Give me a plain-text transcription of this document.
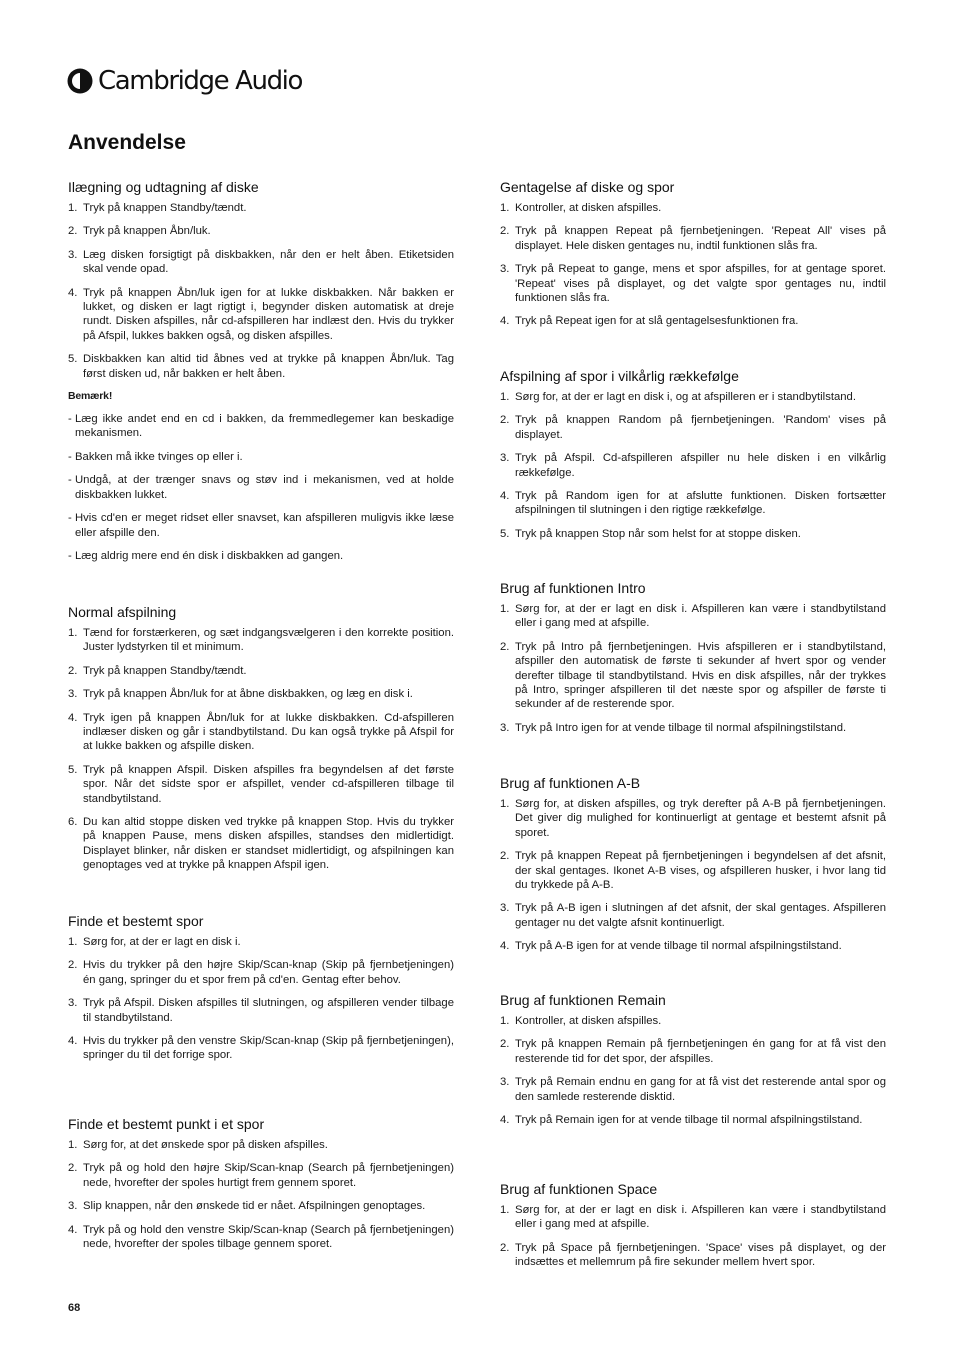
Cambridge Audio
Anvendelse
Ilægning og udtagning af diske
1. Tryk på knappen Standby/tændt.
2. Tryk på knappen Åbn/luk.
3. Læg disken forsigtigt på diskbakken, når den er helt åben. Etiketsiden skal vende opad.
4. Tryk på knappen Åbn/luk igen for at lukke diskbakken. Når bakken er lukket, og disken er lagt rigtigt i, begynder disken automatisk at dreje rundt. Disken afspilles, når cd-afspilleren har indlæst den. Hvis du trykker på Afspil, lukkes bakken også, og disken afspilles.
5. Diskbakken kan altid tid åbnes ved at trykke på knappen Åbn/luk. Tag først disken ud, når bakken er helt åben.
Bemærk!
- Læg ikke andet end en cd i bakken, da fremmedlegemer kan beskadige mekanismen.
- Bakken må ikke tvinges op eller i.
- Undgå, at der trænger snavs og støv ind i mekanismen, ved at holde diskbakken lukket.
- Hvis cd'en er meget ridset eller snavset, kan afspilleren muligvis ikke læse eller afspille den.
- Læg aldrig mere end én disk i diskbakken ad gangen.
Normal afspilning
1. Tænd for forstærkeren, og sæt indgangsvælgeren i den korrekte position. Juster lydstyrken til et minimum.
2. Tryk på knappen Standby/tændt.
3. Tryk på knappen Åbn/luk for at åbne diskbakken, og læg en disk i.
4. Tryk igen på knappen Åbn/luk for at lukke diskbakken. Cd-afspilleren indlæser disken og går i standbytilstand. Du kan også trykke på Afspil for at lukke bakken og afspille disken.
5. Tryk på knappen Afspil. Disken afspilles fra begyndelsen af det første spor. Når det sidste spor er afspillet, vender cd-afspilleren tilbage til standbytilstand.
6. Du kan altid stoppe disken ved trykke på knappen Stop. Hvis du trykker på knappen Pause, mens disken afspilles, standses den midlertidigt. Displayet blinker, når disken er standset midlertidigt, og afspilningen kan genoptages ved at trykke på knappen Afspil igen.
Finde et bestemt spor
1. Sørg for, at der er lagt en disk i.
2. Hvis du trykker på den højre Skip/Scan-knap (Skip på fjernbetjeningen) én gang, springer du et spor frem på cd'en. Gentag efter behov.
3. Tryk på Afspil. Disken afspilles til slutningen, og afspilleren vender tilbage til standbytilstand.
4. Hvis du trykker på den venstre Skip/Scan-knap (Skip på fjernbetjeningen), springer du til det forrige spor.
Finde et bestemt punkt i et spor
1. Sørg for, at det ønskede spor på disken afspilles.
2. Tryk på og hold den højre Skip/Scan-knap (Search på fjernbetjeningen) nede, hvorefter der spoles hurtigt frem gennem sporet.
3. Slip knappen, når den ønskede tid er nået. Afspilningen genoptages.
4. Tryk på og hold den venstre Skip/Scan-knap (Search på fjernbetjeningen) nede, hvorefter der spoles tilbage gennem sporet.
Gentagelse af diske og spor
1. Kontroller, at disken afspilles.
2. Tryk på knappen Repeat på fjernbetjeningen. 'Repeat All' vises på displayet. Hele disken gentages nu, indtil funktionen slås fra.
3. Tryk på Repeat to gange, mens et spor afspilles, for at gentage sporet. 'Repeat' vises på displayet, og det valgte spor gentages nu, indtil funktionen slås fra.
4. Tryk på Repeat igen for at slå gentagelsesfunktionen fra.
Afspilning af spor i vilkårlig rækkefølge
1. Sørg for, at der er lagt en disk i, og at afspilleren er i standbytilstand.
2. Tryk på knappen Random på fjernbetjeningen. 'Random' vises på displayet.
3. Tryk på Afspil. Cd-afspilleren afspiller nu hele disken i en vilkårlig rækkefølge.
4. Tryk på Random igen for at afslutte funktionen. Disken fortsætter afspilningen til slutningen i den rigtige rækkefølge.
5. Tryk på knappen Stop når som helst for at stoppe disken.
Brug af funktionen Intro
1. Sørg for, at der er lagt en disk i. Afspilleren kan være i standbytilstand eller i gang med at afspille.
2. Tryk på Intro på fjernbetjeningen. Hvis afspilleren er i standbytilstand, afspiller den automatisk de første ti sekunder af hvert spor og vender derefter tilbage til standbytilstand. Hvis en disk afspilles, når der trykkes på Intro, springer afspilleren til det næste spor og afspiller de første ti sekunder af de resterende spor.
3. Tryk på Intro igen for at vende tilbage til normal afspilningstilstand.
Brug af funktionen A-B
1. Sørg for, at disken afspilles, og tryk derefter på A-B på fjernbetjeningen. Det giver dig mulighed for kontinuerligt at gentage et bestemt afsnit på sporet.
2. Tryk på knappen Repeat på fjernbetjeningen i begyndelsen af det afsnit, der skal gentages. Ikonet A-B vises, og afspilleren husker, i hvor lang tid du trykkede på A-B.
3. Tryk på A-B igen i slutningen af det afsnit, der skal gentages. Afspilleren gentager nu det valgte afsnit kontinuerligt.
4. Tryk på A-B igen for at vende tilbage til normal afspilningstilstand.
Brug af funktionen Remain
1. Kontroller, at disken afspilles.
2. Tryk på knappen Remain på fjernbetjeningen én gang for at få vist den resterende tid for det spor, der afspilles.
3. Tryk på Remain endnu en gang for at få vist det resterende antal spor og den samlede resterende disktid.
4. Tryk på Remain igen for at vende tilbage til normal afspilningstilstand.
Brug af funktionen Space
1. Sørg for, at der er lagt en disk i. Afspilleren kan være i standbytilstand eller i gang med at afspille.
2. Tryk på Space på fjernbetjeningen. 'Space' vises på displayet, og der indsættes et mellemrum på fire sekunder mellem hvert spor.
68
